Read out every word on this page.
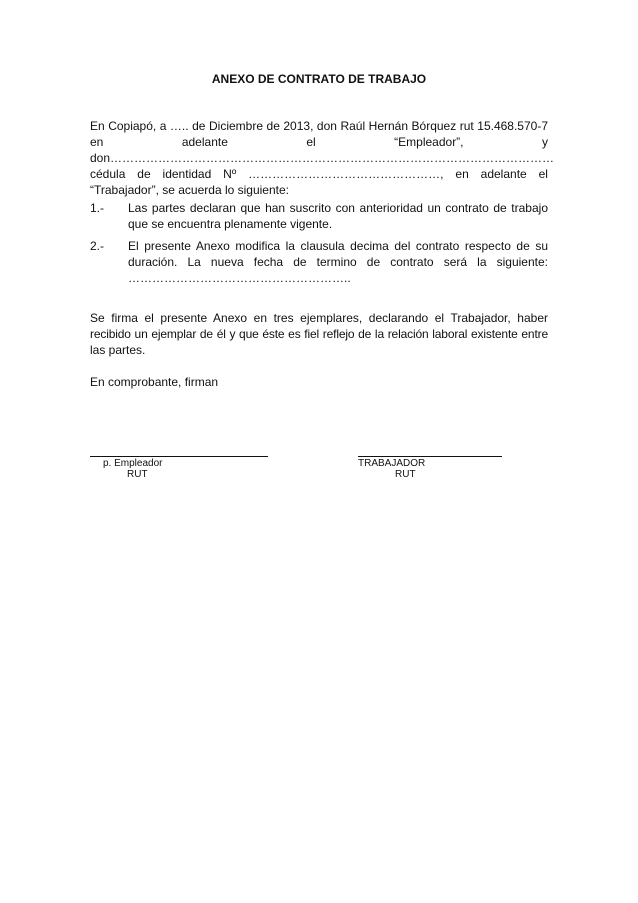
ANEXO DE CONTRATO DE TRABAJO
En Copiapó, a ….. de Diciembre de 2013, don Raúl Hernán Bórquez rut 15.468.570-7
en	adelante	el	“Empleador”,	y
don…………………………………………………………………………………………………
cédula de identidad Nº …………………………………………, en adelante el
“Trabajador”, se acuerda lo siguiente:
1.- Las partes declaran que han suscrito con anterioridad un contrato de trabajo
que se encuentra plenamente vigente.
2.- El presente Anexo modifica la clausula decima del contrato respecto de su
duración. La nueva fecha de termino de contrato será la siguiente:
………………………………………………..
Se firma el presente Anexo en tres ejemplares, declarando el Trabajador, haber
recibido un ejemplar de él y que éste es fiel reflejo de la relación laboral existente entre
las partes.
En comprobante, firman
p. Empleador
RUT
TRABAJADOR
RUT
